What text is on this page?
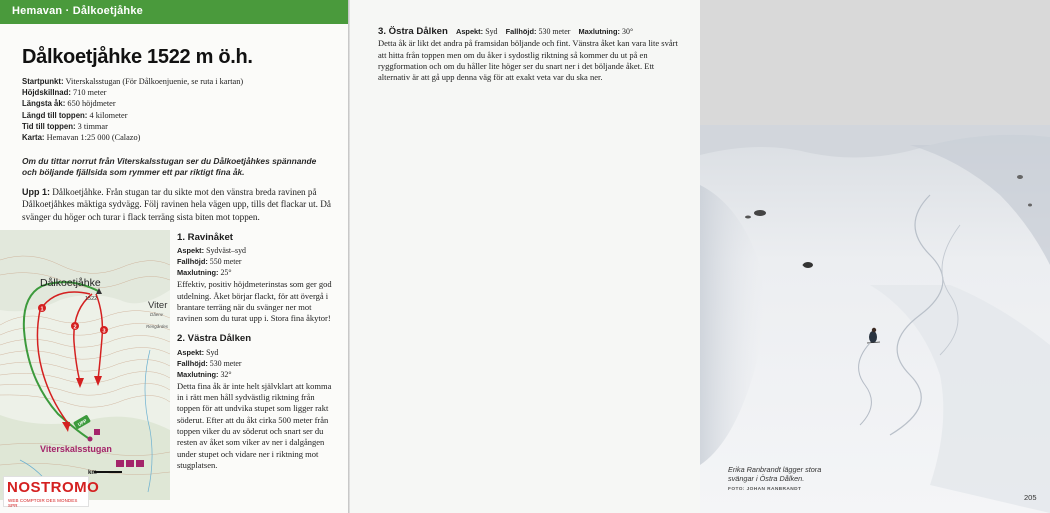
Hemavan · Dålkoetjåhke
Dålkoetjåhke 1522 m ö.h.
Startpunkt: Viterskalsstugan (För Dålkoenjuenie, se ruta i kartan)
Höjdskillnad: 710 meter
Längsta åk: 650 höjdmeter
Längd till toppen: 4 kilometer
Tid till toppen: 3 timmar
Karta: Hemavan 1:25 000 (Calazo)
Om du tittar norrut från Viterskalsstugan ser du Dålkoetjåhkes spännande och böljande fjällsida som rymmer ett par riktigt fina åk.
Upp 1: Dålkoetjåhke. Från stugan tar du sikte mot den vänstra breda ravinen på Dålkoetjåhkes mäktiga sydvägg. Följ ravinen hela vägen upp, tills det flackar ut. Då svänger du höger och turar i flack terräng sista biten mot toppen.
1
2
3
UPP
Dålkoetjåhke
1522
Viter
Dåenv
Rengårdes
Viterskalsstugan
km
1. Ravinåket
Aspekt: Sydväst–syd
Fallhöjd: 550 meter
Maxlutning: 25°

Effektiv, positiv höjdmeterinstas som ger god utdelning. Åket börjar flackt, för att övergå i brantare terräng när du svänger ner mot ravinen som du turat upp i. Stora fina åkytor!

2. Västra Dålken
Aspekt: Syd
Fallhöjd: 530 meter
Maxlutning: 32°

Detta fina åk är inte helt självklart att komma in i rätt men håll sydvästlig riktning från toppen för att undvika stupet som ligger rakt söderut. Efter att du åkt cirka 500 meter från toppen viker du av söderut och snart ser du resten av åket som viker av ner i dalgången under stupet och vidare ner i riktning mot stugplatsen.

NOSTROMO
WEB COMPTOIR DES MONDES SPR
Erika Ranbrandt lägger stora svängar i Östra Dålken.
FOTO: JOHAN RANBRANDT
205
3. Östra Dålken Aspekt: Syd Fallhöjd: 530 meter Maxlutning: 30°

Detta åk är likt det andra på framsidan böljande och fint. Vänstra åket kan vara lite svårt att hitta från toppen men om du åker i sydostlig riktning så kommer du ut på en ryggformation och om du håller lite höger ser du snart ner i det böljande åket. Ett alternativ är att gå upp denna väg för att exakt veta var du ska ner.
